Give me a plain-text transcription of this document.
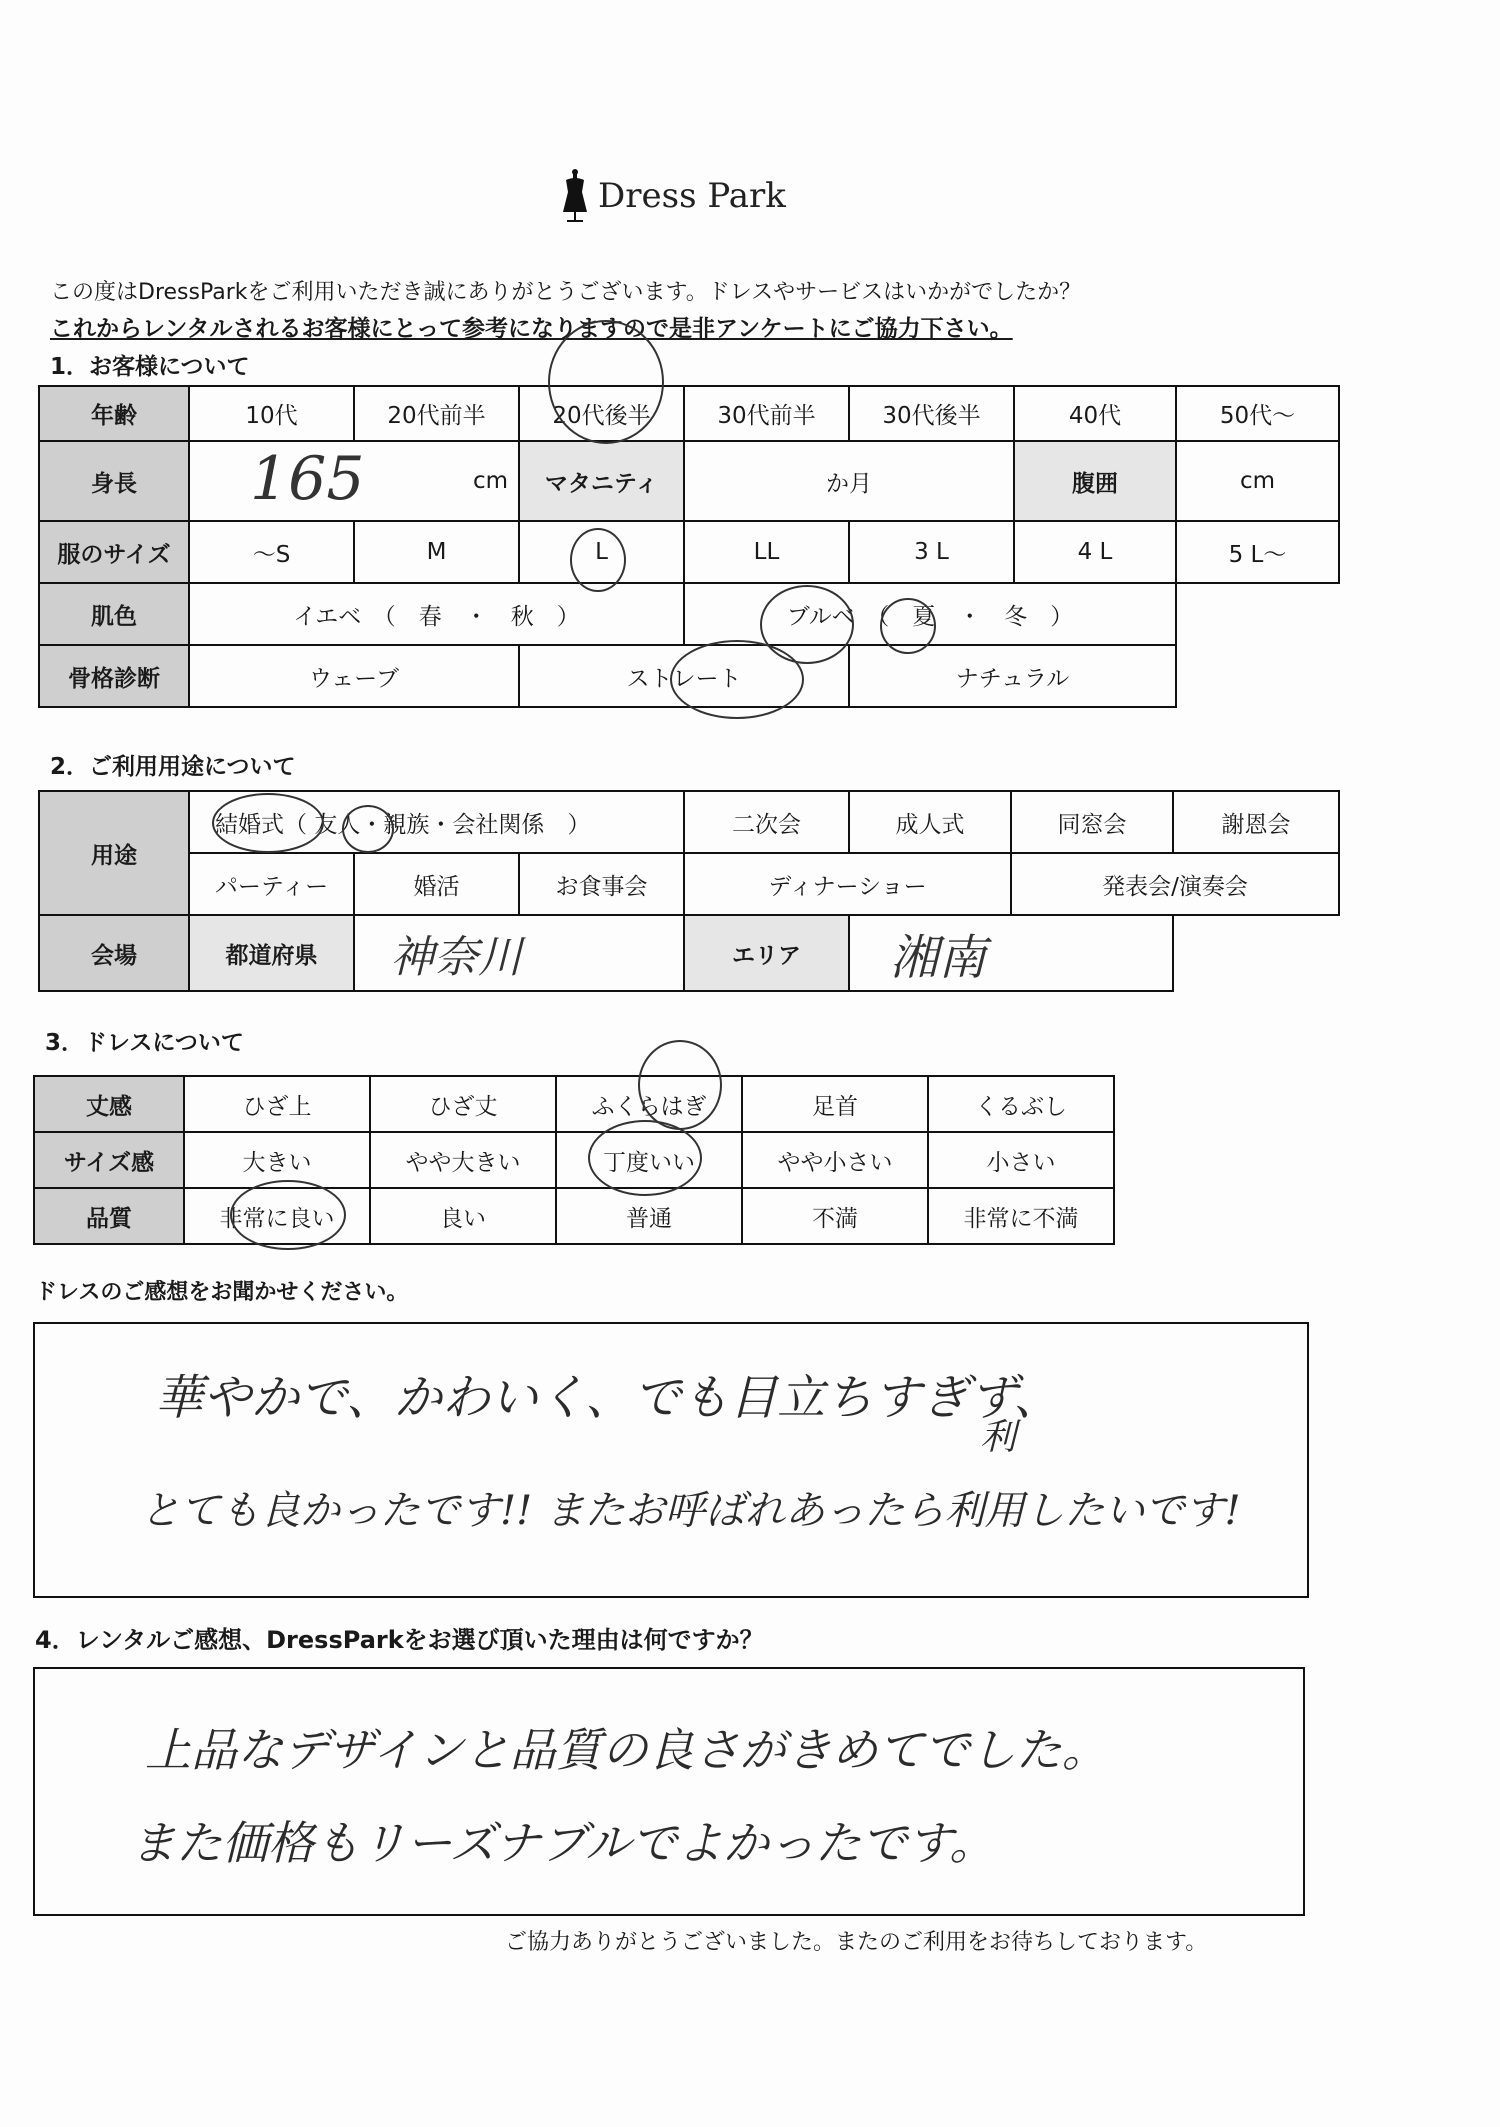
Dress Park
この度はDressParkをご利用いただき誠にありがとうございます。ドレスやサービスはいかがでしたか？
これからレンタルされるお客様にとって参考になりますので是非アンケートにご協力下さい。
1．お客様について
年齢	10代	20代前半	20代後半	30代前半	30代後半	40代	50代～
身長	165 cm		マタニティ	か月		腹囲	cm
服のサイズ	～S	M	L	LL	3 L	4 L	5 L～
肌色	イエベ　（　春　・　秋　）			ブルベ　（　夏　・　冬　）			
骨格診断	ウェーブ		ストレート		ナチュラル		
2．ご利用用途について
用途	結婚式（ 友人・親族・会社関係　）			二次会	成人式	同窓会	謝恩会
	パーティー	婚活	お食事会	ディナーショー		発表会/演奏会	
会場	都道府県	神奈川		エリア	湘南		
3．ドレスについて
丈感	ひざ上	ひざ丈	ふくらはぎ	足首	くるぶし
サイズ感	大きい	やや大きい	丁度いい	やや小さい	小さい
品質	非常に良い	良い	普通	不満	非常に不満
ドレスのご感想をお聞かせください。
華やかで、かわいく、でも目立ちすぎず、
とても良かったです!! またお呼ばれあったら利用したいです!
利
4．レンタルご感想、DressParkをお選び頂いた理由は何ですか？
上品なデザインと品質の良さがきめてでした。
また価格もリーズナブルでよかったです。
ご協力ありがとうございました。またのご利用をお待ちしております。
